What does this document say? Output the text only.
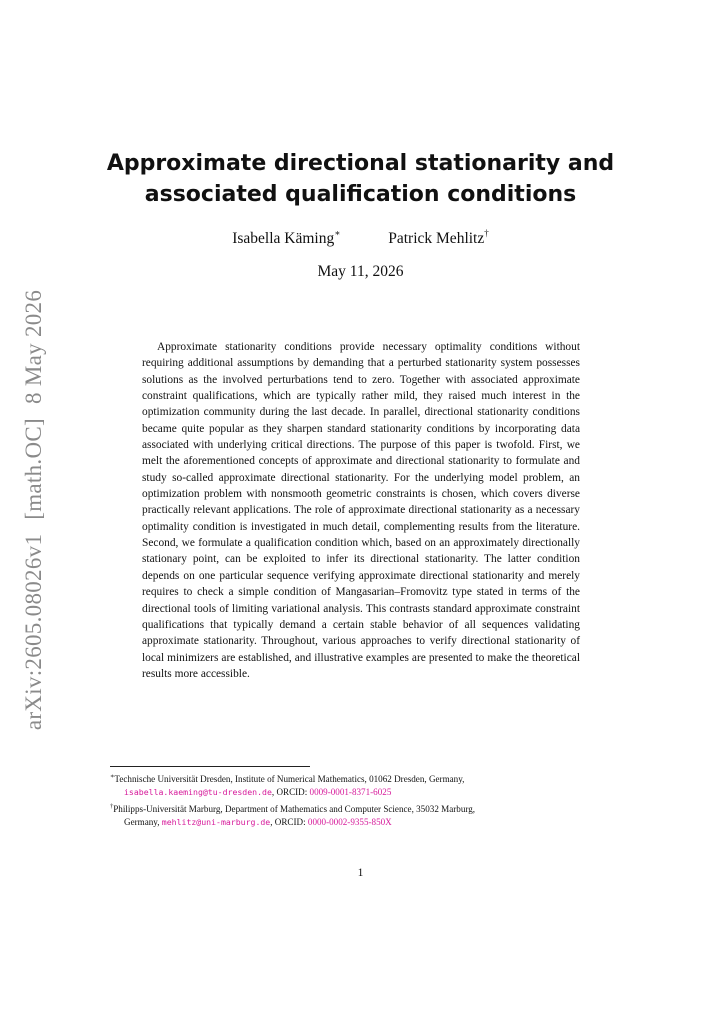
arXiv:2605.08026v1[math.OC]8 May 2026
Approximate directional stationarity and
associated qualification conditions
Isabella Käming∗	Patrick Mehlitz†
May 11, 2026

Approximate stationarity conditions provide necessary optimality conditions without requiring additional assumptions by demanding that a perturbed stationarity system possesses solutions as the involved perturbations tend to zero. Together with associated approximate constraint qualifications, which are typically rather mild, they raised much interest in the optimization community during the last decade. In parallel, directional stationarity conditions became quite popular as they sharpen standard stationarity conditions by incorporating data associated with underlying critical directions. The purpose of this paper is twofold. First, we melt the aforementioned concepts of approximate and directional stationarity to formulate and study so-called approximate directional stationarity. For the underlying model problem, an optimization problem with nonsmooth geometric constraints is chosen, which covers diverse practically relevant applications. The role of approximate directional stationarity as a necessary optimality condition is investigated in much detail, complementing results from the literature. Second, we formulate a qualification condition which, based on an approximately directionally stationary point, can be exploited to infer its directional stationarity. The latter condition depends on one particular sequence verifying approximate directional stationarity and merely requires to check a simple condition of Mangasarian–Fromovitz type stated in terms of the directional tools of limiting variational analysis. This contrasts standard approximate constraint qualifications that typically demand a certain stable behavior of all sequences validating approximate stationarity. Throughout, various approaches to verify directional stationarity of local minimizers are established, and illustrative examples are presented to make the theoretical results more accessible.

∗Technische Universität Dresden, Institute of Numerical Mathematics, 01062 Dresden, Germany,
isabella.kaeming@tu-dresden.de, ORCID: 0009-0001-8371-6025
†Philipps-Universität Marburg, Department of Mathematics and Computer Science, 35032 Marburg,
Germany, mehlitz@uni-marburg.de, ORCID: 0000-0002-9355-850X
1
